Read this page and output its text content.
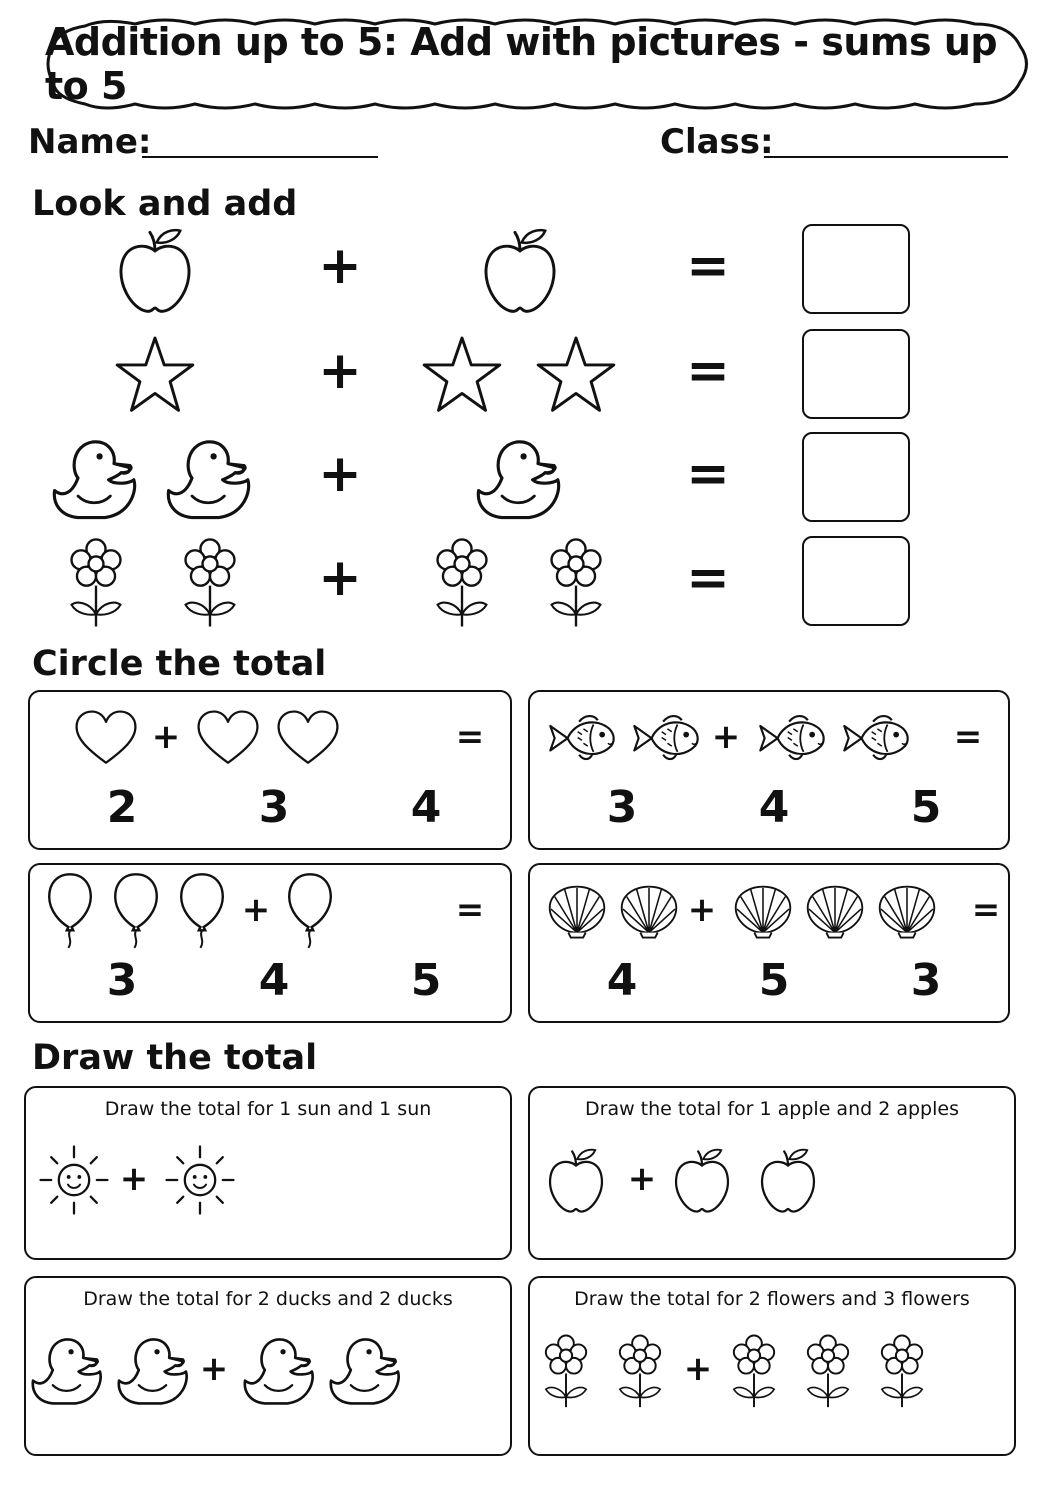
Addition up to 5: Add with pictures - sums up to 5
Name:	Class:
Look and add
+	=
+	=
+	=
+	=
Circle the total
+	=
2	3	4
+	=
3	4	5
+	=
3	4	5
+	=
4	5	3
Draw the total
Draw the total for 1 sun and 1 sun
+
Draw the total for 1 apple and 2 apples
+
Draw the total for 2 ducks and 2 ducks
+
Draw the total for 2 flowers and 3 flowers
+
